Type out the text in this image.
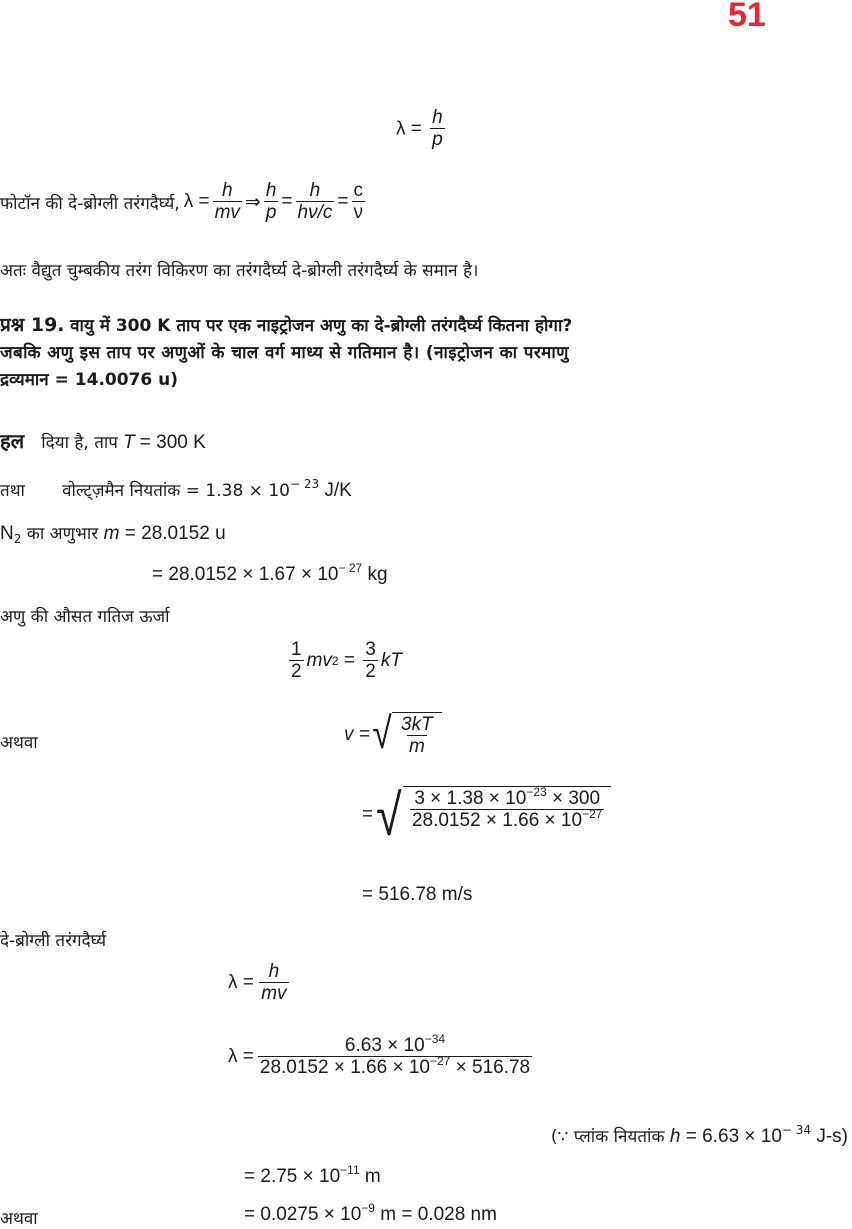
51
$\lambda = \frac{h}{p}$
फोटॉन की दे-ब्रोग्ली तरंगदैर्घ्य, $\lambda = \frac{h}{mv}$ ⇒ $\frac{h}{p} = \frac{h}{h\nu/c} = \frac{c}{\nu}$
अतः वैद्युत चुम्बकीय तरंग विकिरण का तरंगदैर्घ्य दे-ब्रोग्ली तरंगदैर्घ्य के समान है।
प्रश्न 19. वायु में 300 K ताप पर एक नाइट्रोजन अणु का दे-ब्रोग्ली तरंगदैर्घ्य कितना होगा?
जबकि अणु इस ताप पर अणुओं के चाल वर्ग माध्य से गतिमान है। (नाइट्रोजन का परमाणु
द्रव्यमान = 14.0076 u)
हल दिया है, ताप T = 300 K
तथा वोल्ट्ज़मैन नियतांक = $1.38 \times 10^{- 23}$ J/K
$N_2$ का अणुभार m = 28.0152 u
= $28.0152 \times 1.67 \times 10^{- 27}$ kg
अणु की औसत गतिज ऊर्जा
$\frac{1}{2}$ mv $2 = \frac{3}{2}$ kT
अथवा	v = √ $\frac{3kT}{m}$
= √ $\frac{3 \times 1.38 \times 10^{-23} \times 300}{28.0152 \times 1.66 \times 10^{-27}}$
= 516.78 m/s
दे-ब्रोग्ली तरंगदैर्घ्य
$\lambda = \frac{h}{mv}$
$\lambda = \frac{6.63 \times 10^{-34}}{28.0152 \times 1.66 \times 10^{-27} \times 516.78}$
(∵ प्लांक नियतांक $h = 6.63 \times 10^{- 34}$ J-s)
= $2.75 \times 10^{-11}$ m
अथवा	= $0.0275 \times 10^{-9}$ m = 0.028 nm
